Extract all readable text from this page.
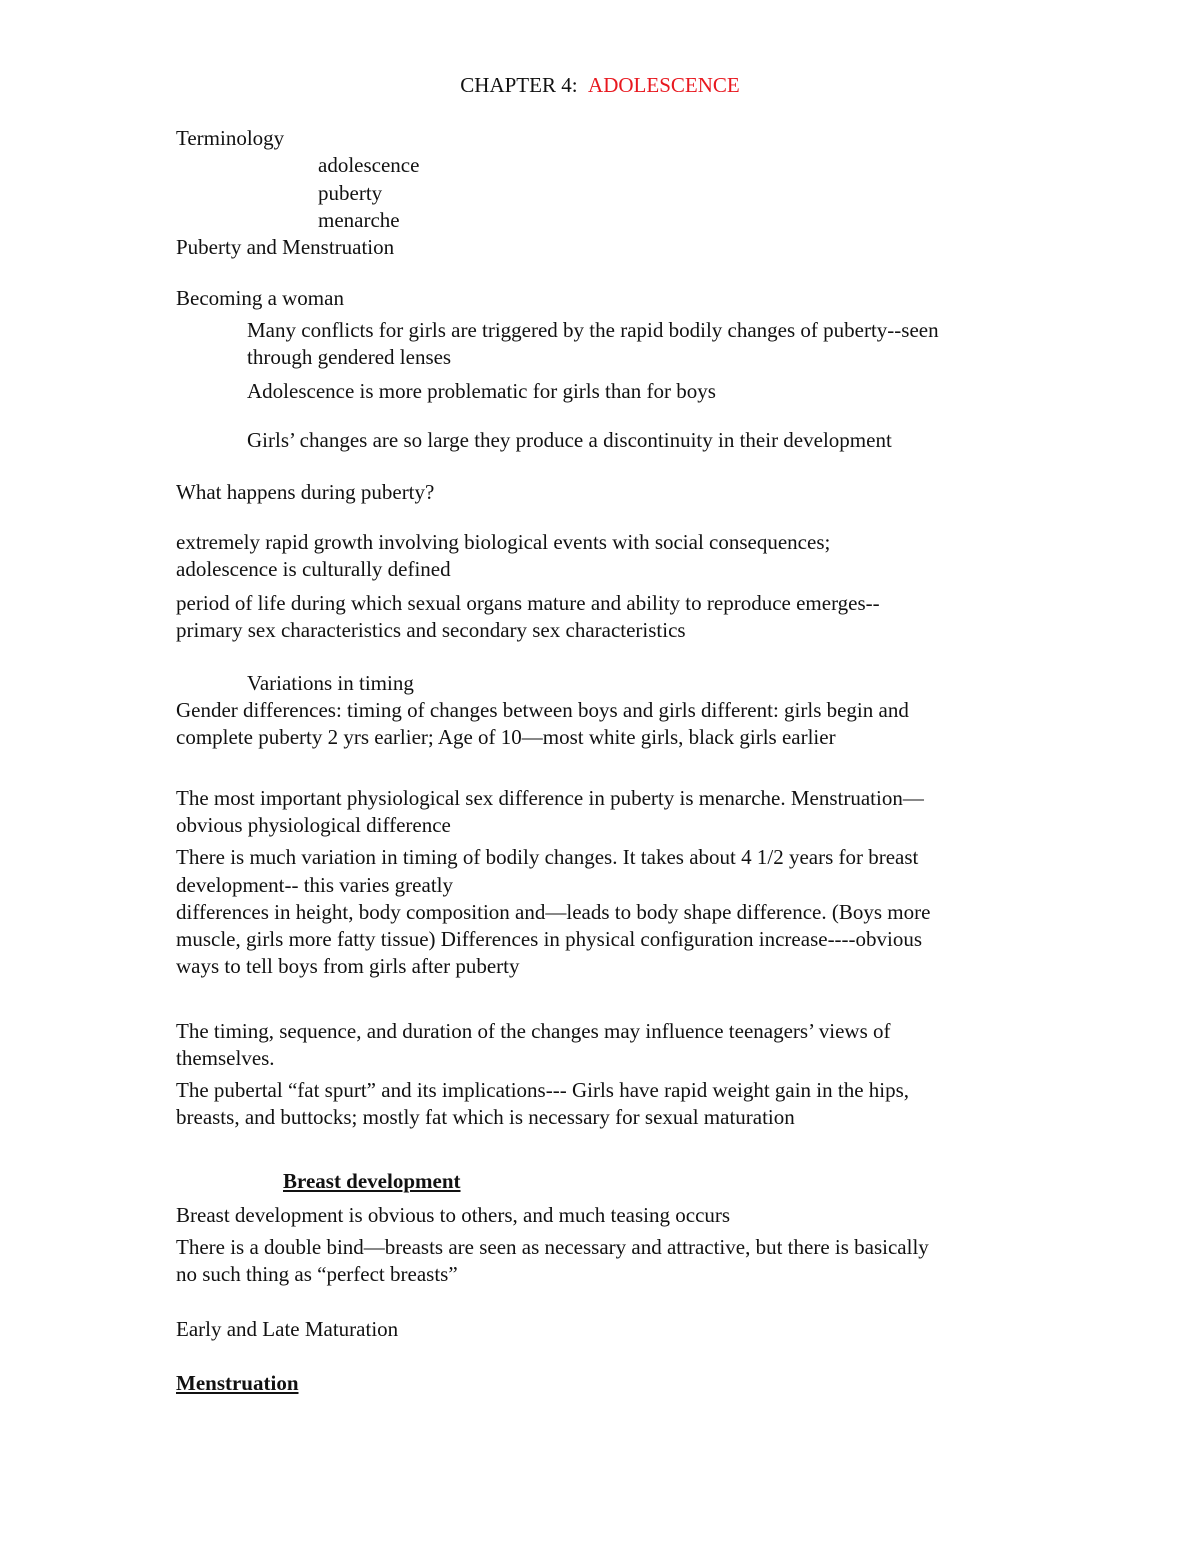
CHAPTER 4: ADOLESCENCE
Terminology
adolescence
puberty
menarche
Puberty and Menstruation
Becoming a woman
Many conflicts for girls are triggered by the rapid bodily changes of puberty--seen
through gendered lenses
Adolescence is more problematic for girls than for boys
Girls’ changes are so large they produce a discontinuity in their development
What happens during puberty?
extremely rapid growth involving biological events with social consequences;
adolescence is culturally defined
period of life during which sexual organs mature and ability to reproduce emerges--
primary sex characteristics and secondary sex characteristics
Variations in timing
Gender differences: timing of changes between boys and girls different: girls begin and
complete puberty 2 yrs earlier; Age of 10—most white girls, black girls earlier
The most important physiological sex difference in puberty is menarche. Menstruation—
obvious physiological difference
There is much variation in timing of bodily changes. It takes about 4 1/2 years for breast
development-- this varies greatly
differences in height, body composition and—leads to body shape difference. (Boys more
muscle, girls more fatty tissue) Differences in physical configuration increase----obvious
ways to tell boys from girls after puberty
The timing, sequence, and duration of the changes may influence teenagers’ views of
themselves.
The pubertal “fat spurt” and its implications--- Girls have rapid weight gain in the hips,
breasts, and buttocks; mostly fat which is necessary for sexual maturation
Breast development
Breast development is obvious to others, and much teasing occurs
There is a double bind—breasts are seen as necessary and attractive, but there is basically
no such thing as “perfect breasts”
Early and Late Maturation
Menstruation
